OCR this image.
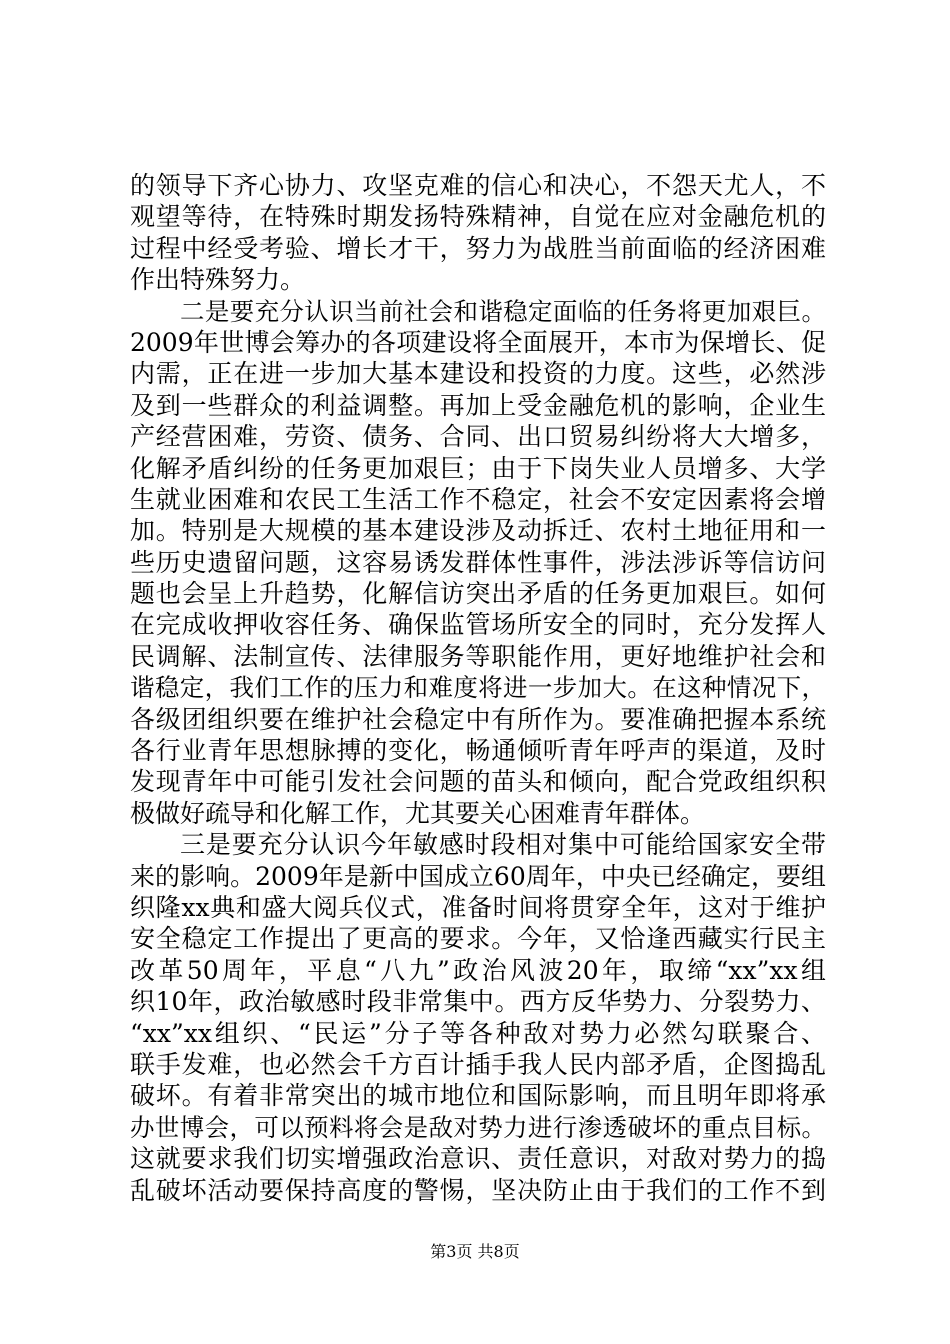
的领导下齐心协力、攻坚克难的信心和决心，不怨天尤人，不
观望等待，在特殊时期发扬特殊精神，自觉在应对金融危机的
过程中经受考验、增长才干，努力为战胜当前面临的经济困难
作出特殊努力。
二是要充分认识当前社会和谐稳定面临的任务将更加艰巨。
2009年世博会筹办的各项建设将全面展开，本市为保增长、促
内需，正在进一步加大基本建设和投资的力度。这些，必然涉
及到一些群众的利益调整。再加上受金融危机的影响，企业生
产经营困难，劳资、债务、合同、出口贸易纠纷将大大增多，
化解矛盾纠纷的任务更加艰巨；由于下岗失业人员增多、大学
生就业困难和农民工生活工作不稳定，社会不安定因素将会增
加。特别是大规模的基本建设涉及动拆迁、农村土地征用和一
些历史遗留问题，这容易诱发群体性事件，涉法涉诉等信访问
题也会呈上升趋势，化解信访突出矛盾的任务更加艰巨。如何
在完成收押收容任务、确保监管场所安全的同时，充分发挥人
民调解、法制宣传、法律服务等职能作用，更好地维护社会和
谐稳定，我们工作的压力和难度将进一步加大。在这种情况下，
各级团组织要在维护社会稳定中有所作为。要准确把握本系统
各行业青年思想脉搏的变化，畅通倾听青年呼声的渠道，及时
发现青年中可能引发社会问题的苗头和倾向，配合党政组织积
极做好疏导和化解工作，尤其要关心困难青年群体。
三是要充分认识今年敏感时段相对集中可能给国家安全带
来的影响。2009年是新中国成立60周年，中央已经确定，要组
织隆xx典和盛大阅兵仪式，准备时间将贯穿全年，这对于维护
安全稳定工作提出了更高的要求。今年，又恰逢西藏实行民主
改革50周年，平息“八九”政治风波20年，取缔“xx”xx组
织10年，政治敏感时段非常集中。西方反华势力、分裂势力、
“xx”xx组织、“民运”分子等各种敌对势力必然勾联聚合、
联手发难，也必然会千方百计插手我人民内部矛盾，企图捣乱
破坏。有着非常突出的城市地位和国际影响，而且明年即将承
办世博会，可以预料将会是敌对势力进行渗透破坏的重点目标。
这就要求我们切实增强政治意识、责任意识，对敌对势力的捣
乱破坏活动要保持高度的警惕，坚决防止由于我们的工作不到
第3页 共8页
